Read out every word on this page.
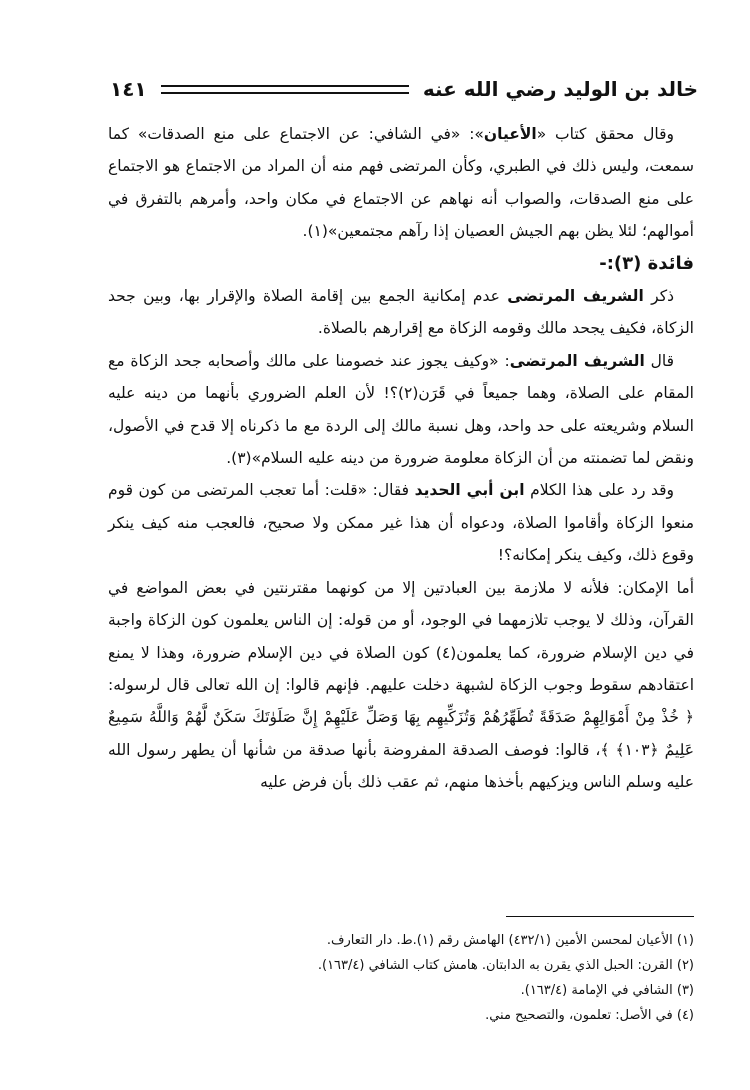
خالد بن الوليد رضي الله عنه
١٤١

وقال محقق كتاب «الأعيان»: «في الشافي: عن الاجتماع على منع الصدقات» كما سمعت، وليس ذلك في الطبري، وكأن المرتضى فهم منه أن المراد من الاجتماع هو الاجتماع على منع الصدقات، والصواب أنه نهاهم عن الاجتماع في مكان واحد، وأمرهم بالتفرق في أموالهم؛ لئلا يظن بهم الجيش العصيان إذا رآهم مجتمعين»(١).

فائدة (٣):-

ذكر الشريف المرتضى عدم إمكانية الجمع بين إقامة الصلاة والإقرار بها، وبين جحد الزكاة، فكيف يجحد مالك وقومه الزكاة مع إقرارهم بالصلاة.

قال الشريف المرتضى: «وكيف يجوز عند خصومنا على مالك وأصحابه جحد الزكاة مع المقام على الصلاة، وهما جميعاً في قَرَن(٢)؟! لأن العلم الضروري بأنهما من دينه عليه السلام وشريعته على حد واحد، وهل نسبة مالك إلى الردة مع ما ذكرناه إلا قدح في الأصول، ونقض لما تضمنته من أن الزكاة معلومة ضرورة من دينه عليه السلام»(٣).

وقد رد على هذا الكلام ابن أبي الحديد فقال: «قلت: أما تعجب المرتضى من كون قوم منعوا الزكاة وأقاموا الصلاة، ودعواه أن هذا غير ممكن ولا صحيح، فالعجب منه كيف ينكر وقوع ذلك، وكيف ينكر إمكانه؟!

أما الإمكان: فلأنه لا ملازمة بين العبادتين إلا من كونهما مقترنتين في بعض المواضع في القرآن، وذلك لا يوجب تلازمهما في الوجود، أو من قوله: إن الناس يعلمون كون الزكاة واجبة في دين الإسلام ضرورة، كما يعلمون(٤) كون الصلاة في دين الإسلام ضرورة، وهذا لا يمنع اعتقادهم سقوط وجوب الزكاة لشبهة دخلت عليهم. فإنهم قالوا: إن الله تعالى قال لرسوله: ﴿ خُذْ مِنْ أَمْوَالِهِمْ صَدَقَةً تُطَهِّرُهُمْ وَتُزَكِّيهِم بِهَا وَصَلِّ عَلَيْهِمْ إِنَّ صَلَوٰتَكَ سَكَنٌ لَّهُمْ وَاللَّهُ سَمِيعٌ عَلِيمٌ ﴿١٠٣﴾ ﴾، قالوا: فوصف الصدقة المفروضة بأنها صدقة من شأنها أن يطهر رسول الله عليه وسلم الناس ويزكيهم بأخذها منهم، ثم عقب ذلك بأن فرض عليه

(١) الأعيان لمحسن الأمين (٤٣٢/١) الهامش رقم (١).ط. دار التعارف.
(٢) القرن: الحبل الذي يقرن به الدابتان. هامش كتاب الشافي (١٦٣/٤).
(٣) الشافي في الإمامة (١٦٣/٤).
(٤) في الأصل: تعلمون، والتصحيح مني.
